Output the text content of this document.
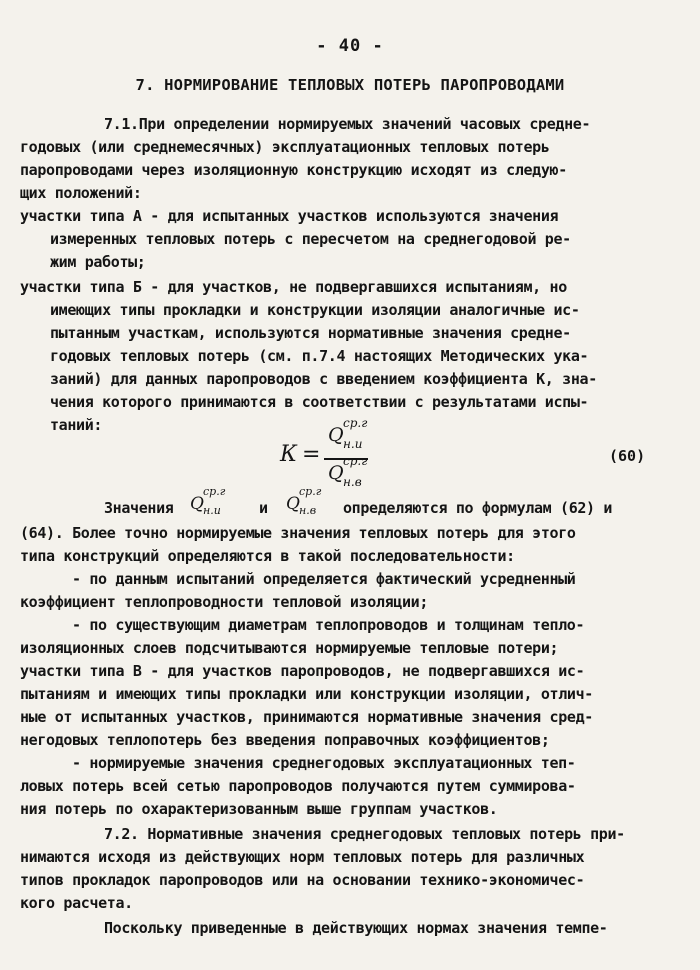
- 40 -
7. НОРМИРОВАНИЕ ТЕПЛОВЫХ ПОТЕРЬ ПАРОПРОВОДАМИ
7.1.При определении нормируемых значений часовых средне-
годовых (или среднемесячных) эксплуатационных тепловых потерь
паропроводами через изоляционную конструкцию исходят из следую-
щих положений:
участки типа А - для испытанных участков используются значения
измеренных тепловых потерь с пересчетом на среднегодовой ре-
жим работы;
участки типа Б - для участков, не подвергавшихся испытаниям, но
имеющих типы прокладки и конструкции изоляции аналогичные ис-
пытанным участкам, используются нормативные значения средне-
годовых тепловых потерь (см. п.7.4 настоящих Методических ука-
заний) для данных паропроводов с введением коэффициента К, зна-
чения которого принимаются в соответствии с результатами испы-
таний:
К =
Q
ср.г
н.и
Q
ср.г
н.в
(60)
Значения Q
ср.г
н.и	и Q
ср.г
н.в определяются по формулам (62) и
(64). Более точно нормируемые значения тепловых потерь для этого
типа конструкций определяются в такой последовательности:
- по данным испытаний определяется фактический усредненный
коэффициент теплопроводности тепловой изоляции;
- по существующим диаметрам теплопроводов и толщинам тепло-
изоляционных слоев подсчитываются нормируемые тепловые потери;
участки типа В - для участков паропроводов, не подвергавшихся ис-
пытаниям и имеющих типы прокладки или конструкции изоляции, отлич-
ные от испытанных участков, принимаются нормативные значения сред-
негодовых теплопотерь без введения поправочных коэффициентов;
- нормируемые значения среднегодовых эксплуатационных теп-
ловых потерь всей сетью паропроводов получаются путем суммирова-
ния потерь по охарактеризованным выше группам участков.
7.2. Нормативные значения среднегодовых тепловых потерь при-
нимаются исходя из действующих норм тепловых потерь для различных
типов прокладок паропроводов или на основании технико-экономичес-
кого расчета.
Поскольку приведенные в действующих нормах значения темпе-
